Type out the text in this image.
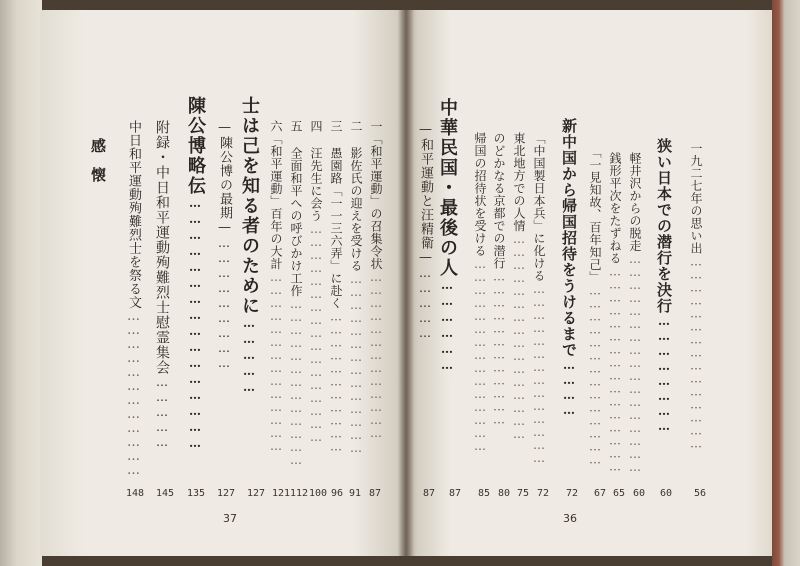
一九二七年の思い出………………………………………
56
狭い日本での潜行を決行……………………
60
軽井沢からの脱走……………………………………………
60
銭形平次をたずねる…………………………………………
65
「一見知故、百年知己」……………………………………
67
新中国から帰国招待をうけるまで…………
72
「中国製日本兵」に化ける……………………………………
72
東北地方での人情…………………………………………
75
のどかなる京都での潜行………………………………
80
帰国の招待状を受ける………………………………………
85
中華民国・最後の人………………
87
—和平運動と汪精衛—……………
87
36
一「和平運動」の召集令状…………………………………
87
二 影佐氏の迎えを受ける……………………………………
91
三 愚園路「一一三六弄」に赴く……………………………
96
四 汪先生に会う……………………………………………
100
五 全面和平への呼びかけ工作…………………………………
112
六「和平運動」百年の大計……………………………………
121
士は己を知る者のために……………
127
—陳公博の最期—………………………
127
陳公博略伝…………………………………………
135
附録・中日和平運動殉難烈士慰霊集会……………
145
中日和平運動殉難烈士を祭る文………………………………
148
感懐
37
